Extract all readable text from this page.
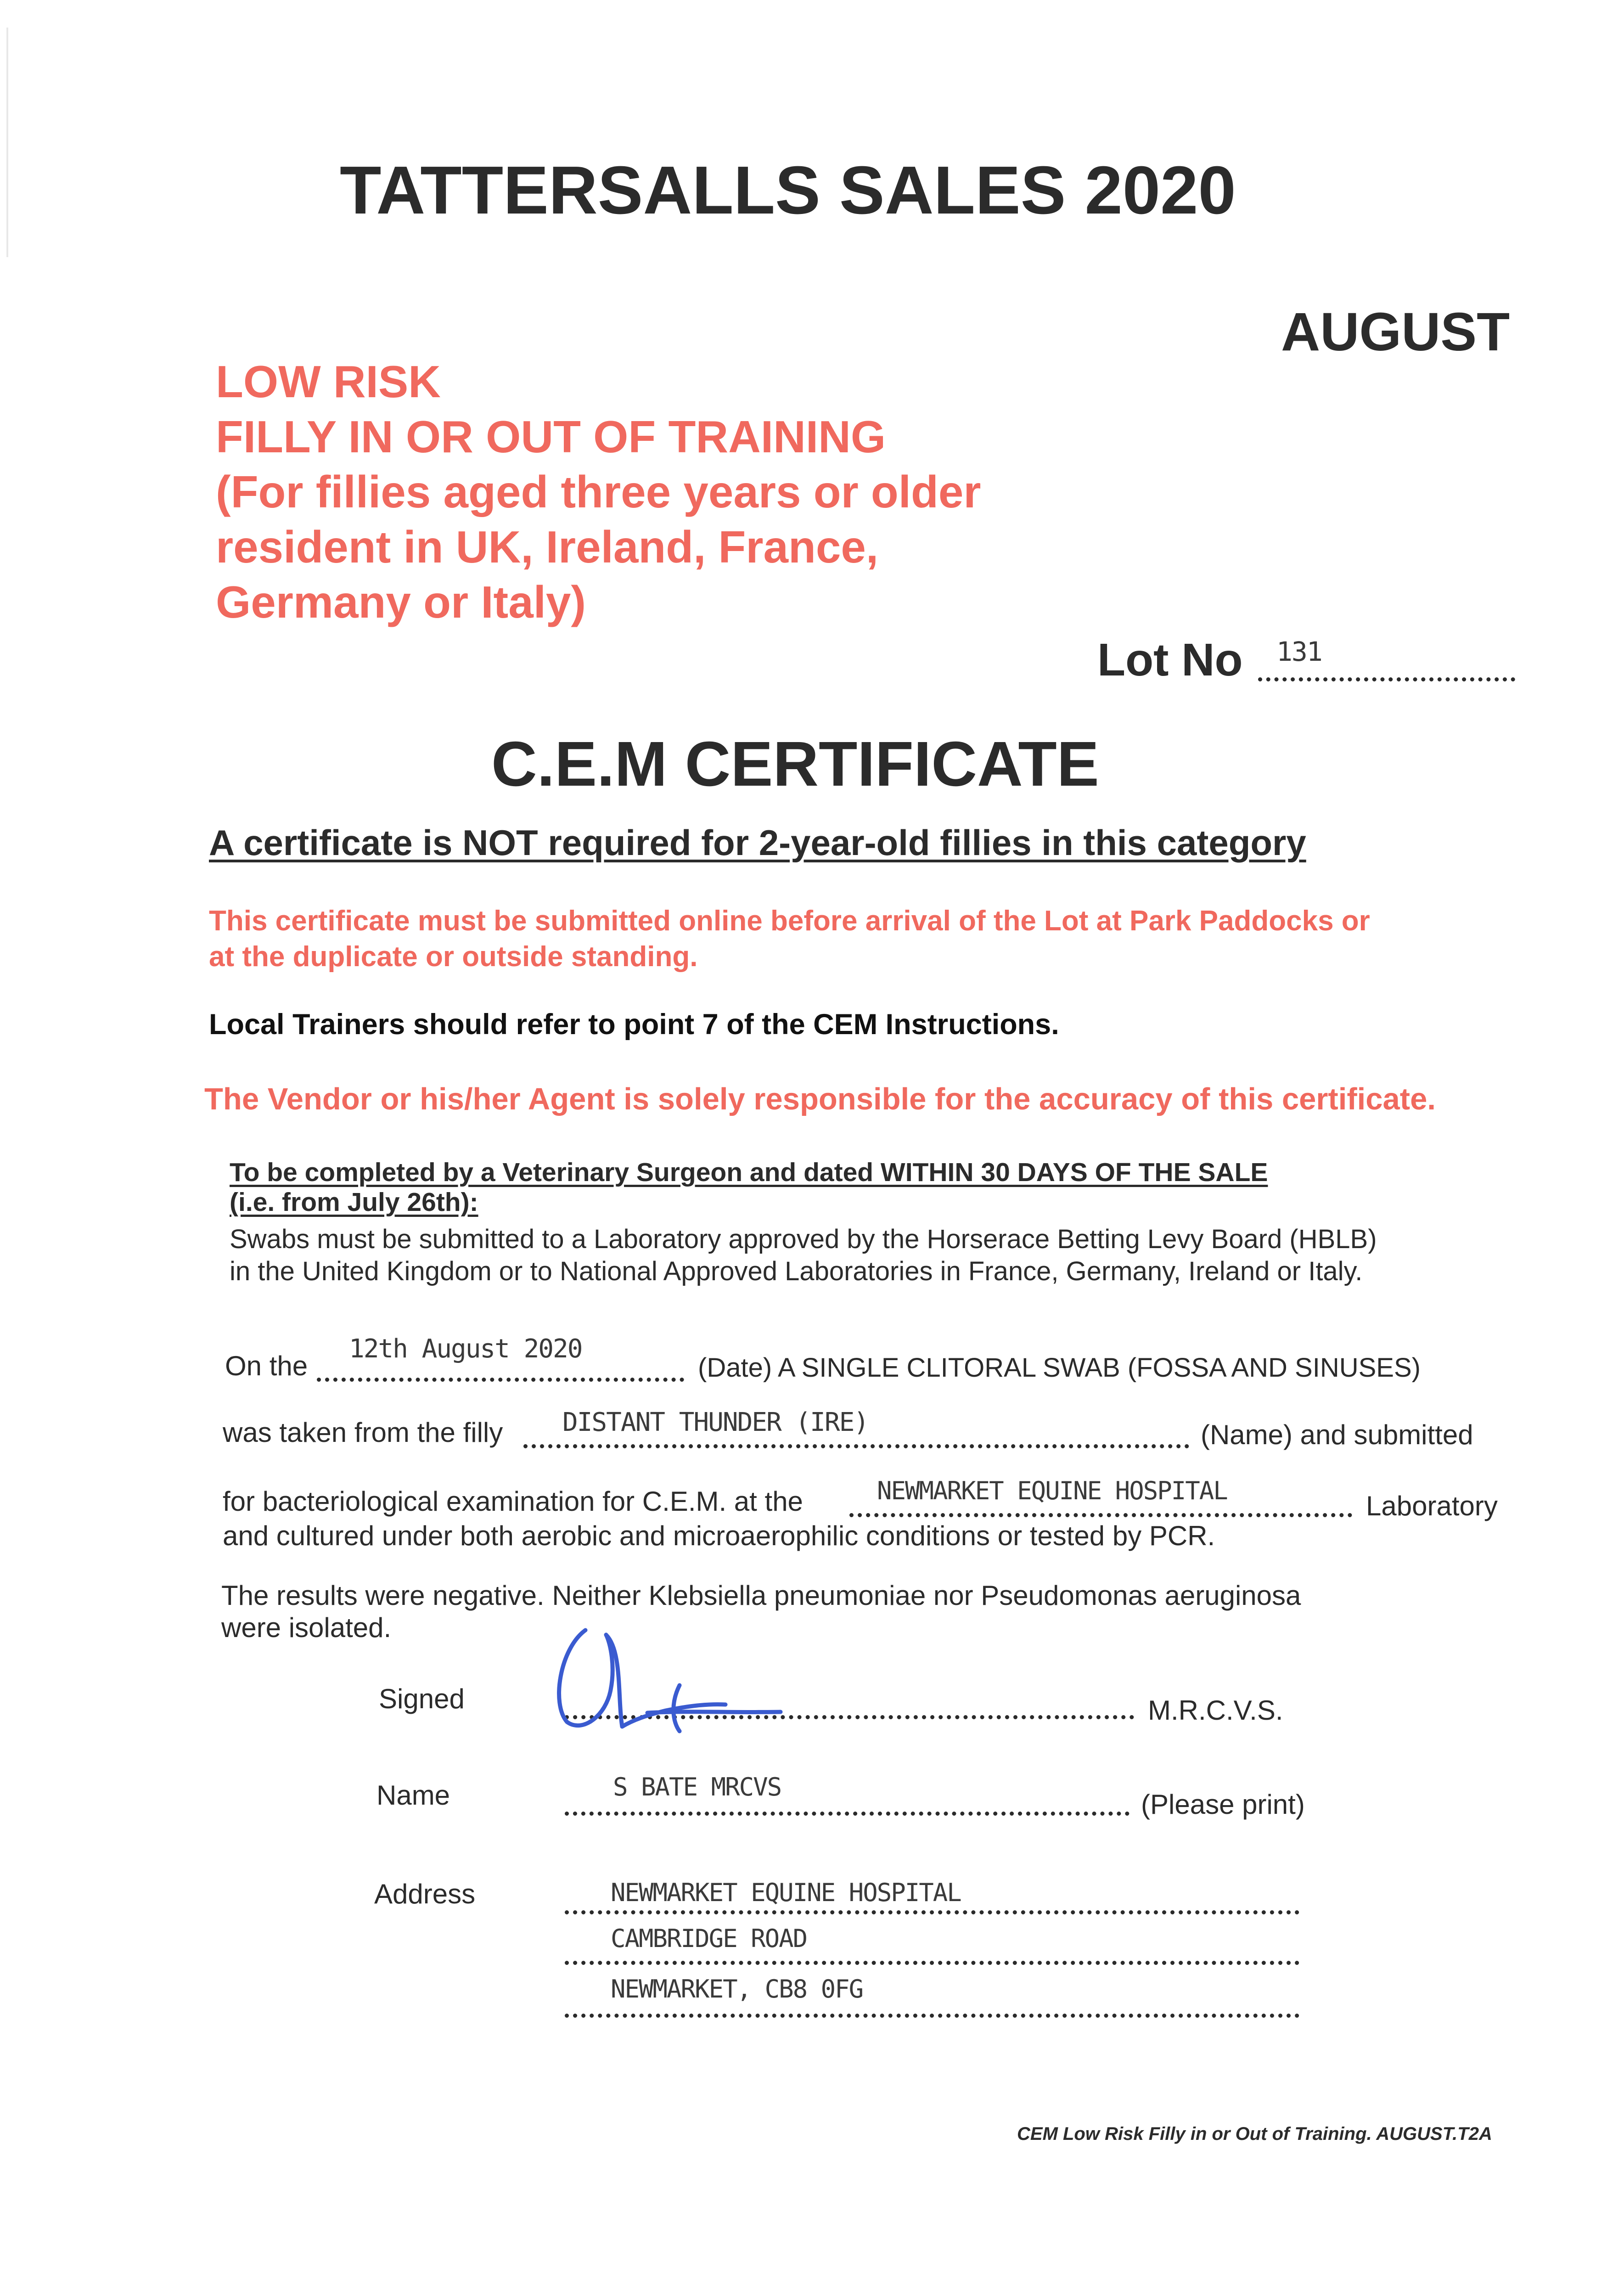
TATTERSALLS SALES 2020
AUGUST
LOW RISK
FILLY IN OR OUT OF TRAINING
(For fillies aged three years or older
resident in UK, Ireland, France,
Germany or Italy)
Lot No 131
C.E.M CERTIFICATE
A certificate is NOT required for 2-year-old fillies in this category
This certificate must be submitted online before arrival of the Lot at Park Paddocks or
at the duplicate or outside standing.
Local Trainers should refer to point 7 of the CEM Instructions.
The Vendor or his/her Agent is solely responsible for the accuracy of this certificate.
To be completed by a Veterinary Surgeon and dated WITHIN 30 DAYS OF THE SALE
(i.e. from July 26th):
Swabs must be submitted to a Laboratory approved by the Horserace Betting Levy Board (HBLB)
in the United Kingdom or to National Approved Laboratories in France, Germany, Ireland or Italy.
On the
12th August 2020
(Date) A SINGLE CLITORAL SWAB (FOSSA AND SINUSES)
was taken from the filly DISTANT THUNDER (IRE)	(Name) and submitted
for bacteriological examination for C.E.M. at the	NEWMARKET EQUINE HOSPITAL	Laboratory
and cultured under both aerobic and microaerophilic conditions or tested by PCR.
The results were negative. Neither Klebsiella pneumoniae nor Pseudomonas aeruginosa
were isolated.
Signed	M.R.C.V.S.
Name	S BATE MRCVS
(Please print)
Address	NEWMARKET EQUINE HOSPITAL
CAMBRIDGE ROAD
NEWMARKET, CB8 0FG
CEM Low Risk Filly in or Out of Training. AUGUST.T2A
